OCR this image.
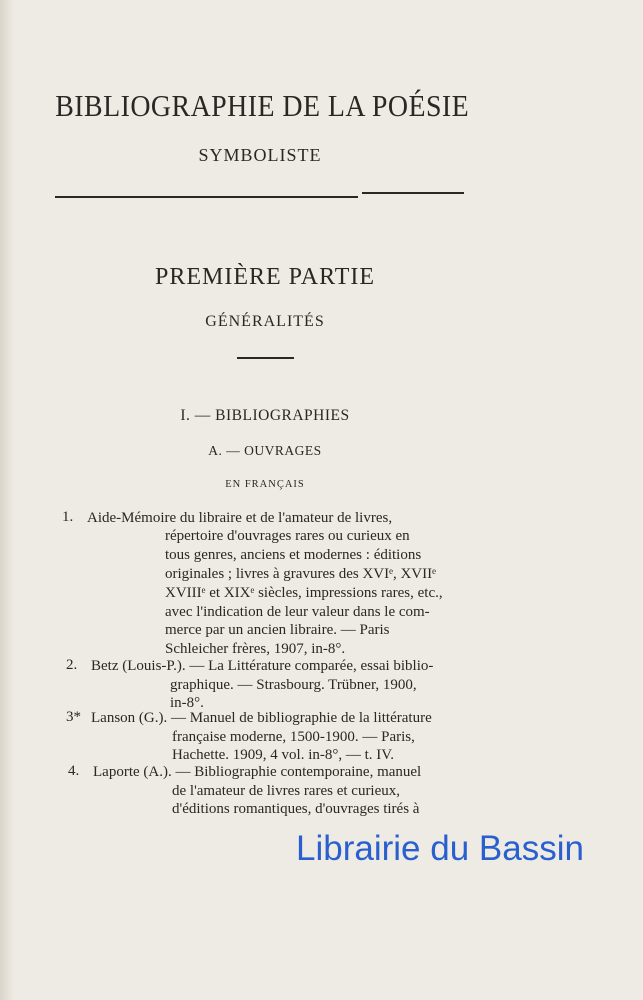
BIBLIOGRAPHIE DE LA POÉSIE
SYMBOLISTE
PREMIÈRE PARTIE
GÉNÉRALITÉS
I. — BIBLIOGRAPHIES
A. — OUVRAGES
EN FRANÇAIS
1. Aide-Mémoire du libraire et de l'amateur de livres,
répertoire d'ouvrages rares ou curieux en
tous genres, anciens et modernes : éditions
originales ; livres à gravures des XVIᵉ, XVIIᵉ
XVIIIᵉ et XIXᵉ siècles, impressions rares, etc.,
avec l'indication de leur valeur dans le com-
merce par un ancien libraire. — Paris
Schleicher frères, 1907, in-8°.
2. Betz (Louis-P.). — La Littérature comparée, essai biblio-
graphique. — Strasbourg. Trübner, 1900,
in-8°.
3* Lanson (G.). — Manuel de bibliographie de la littérature
française moderne, 1500-1900. — Paris,
Hachette. 1909, 4 vol. in-8°, — t. IV.
4. Laporte (A.). — Bibliographie contemporaine, manuel
de l'amateur de livres rares et curieux,
d'éditions romantiques, d'ouvrages tirés à
Librairie du Bassin
